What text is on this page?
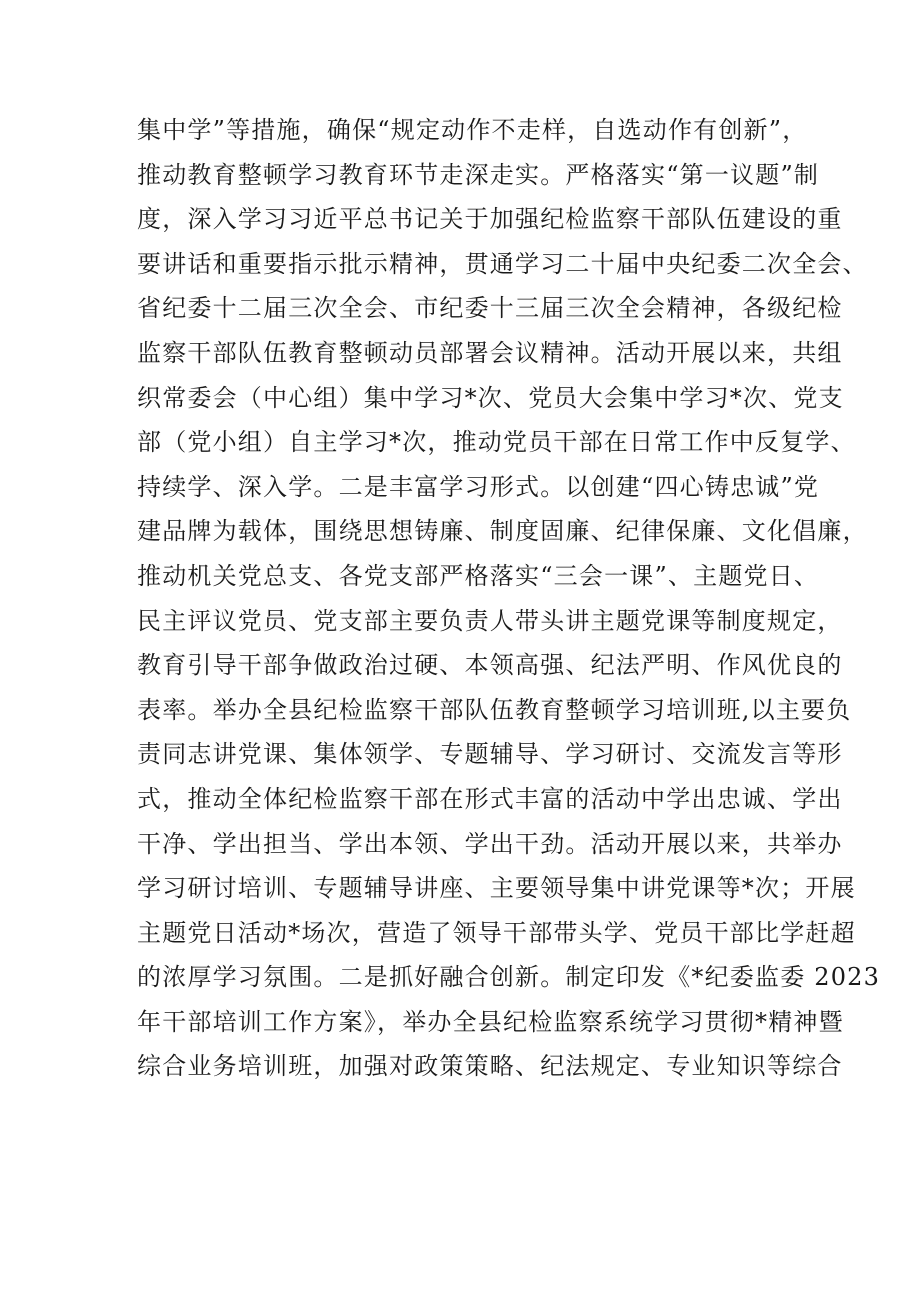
集中学”等措施，确保“规定动作不走样，自选动作有创新”，
推动教育整顿学习教育环节走深走实。严格落实“第一议题”制
度，深入学习习近平总书记关于加强纪检监察干部队伍建设的重
要讲话和重要指示批示精神，贯通学习二十届中央纪委二次全会、
省纪委十二届三次全会、市纪委十三届三次全会精神，各级纪检
监察干部队伍教育整顿动员部署会议精神。活动开展以来，共组
织常委会（中心组）集中学习*次、党员大会集中学习*次、党支
部（党小组）自主学习*次，推动党员干部在日常工作中反复学、
持续学、深入学。二是丰富学习形式。以创建“四心铸忠诚”党
建品牌为载体，围绕思想铸廉、制度固廉、纪律保廉、文化倡廉，
推动机关党总支、各党支部严格落实“三会一课”、主题党日、
民主评议党员、党支部主要负责人带头讲主题党课等制度规定，
教育引导干部争做政治过硬、本领高强、纪法严明、作风优良的
表率。举办全县纪检监察干部队伍教育整顿学习培训班,以主要负
责同志讲党课、集体领学、专题辅导、学习研讨、交流发言等形
式，推动全体纪检监察干部在形式丰富的活动中学出忠诚、学出
干净、学出担当、学出本领、学出干劲。活动开展以来，共举办
学习研讨培训、专题辅导讲座、主要领导集中讲党课等*次；开展
主题党日活动*场次，营造了领导干部带头学、党员干部比学赶超
的浓厚学习氛围。二是抓好融合创新。制定印发《*纪委监委 2023
年干部培训工作方案》，举办全县纪检监察系统学习贯彻*精神暨
综合业务培训班，加强对政策策略、纪法规定、专业知识等综合
